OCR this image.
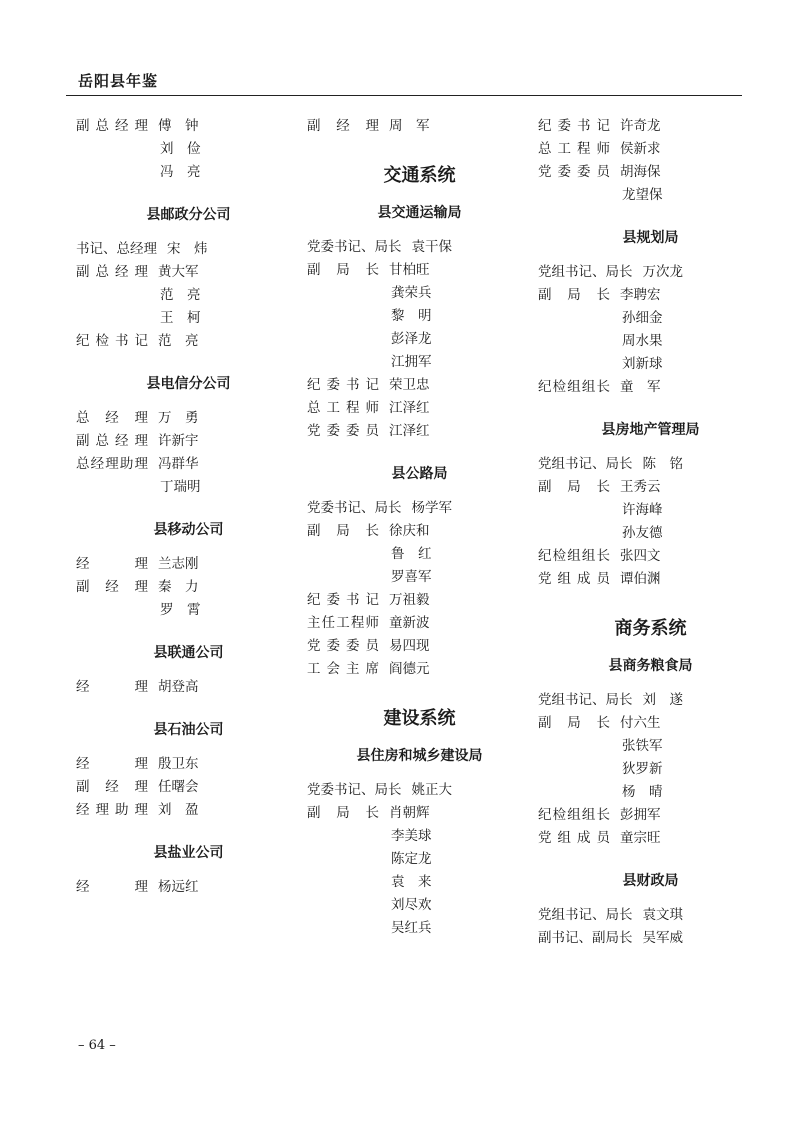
岳阳县年鉴
副总经理 傅　钟
刘　俭
冯　亮
县邮政分公司
书记、总经理 宋　炜
副总经理 黄大军
范　亮
王　柯
纪检书记 范　亮
县电信分公司
总经理 万　勇
副总经理 许新宇
总经理助理 冯群华
丁瑞明
县移动公司
经理 兰志刚
副经理 秦　力
罗　霄
县联通公司
经理 胡登高
县石油公司
经理 殷卫东
副经理 任曙会
经理助理 刘　盈
县盐业公司
经理 杨远红
副经理 周　军
交通系统
县交通运输局
党委书记、局长 袁干保
副局长 甘柏旺
龚荣兵
黎　明
彭泽龙
江拥军
纪委书记 荣卫忠
总工程师 江泽红
党委委员 江泽红
县公路局
党委书记、局长 杨学军
副局长 徐庆和
鲁　红
罗喜军
纪委书记 万祖毅
主任工程师 童新波
党委委员 易四现
工会主席 阎德元
建设系统
县住房和城乡建设局
党委书记、局长 姚正大
副局长 肖朝辉
李美球
陈定龙
袁　来
刘尽欢
吴红兵
纪委书记 许奇龙
总工程师 侯新求
党委委员 胡海保
龙望保
县规划局
党组书记、局长 万次龙
副局长 李聘宏
孙细金
周水果
刘新球
纪检组组长 童　军
县房地产管理局
党组书记、局长 陈　铭
副局长 王秀云
许海峰
孙友德
纪检组组长 张四文
党组成员 谭伯渊
商务系统
县商务粮食局
党组书记、局长 刘　遂
副局长 付六生
张铁军
狄罗新
杨　晴
纪检组组长 彭拥军
党组成员 童宗旺
县财政局
党组书记、局长 袁文琪
副书记、副局长 吴军威

– 64 –
